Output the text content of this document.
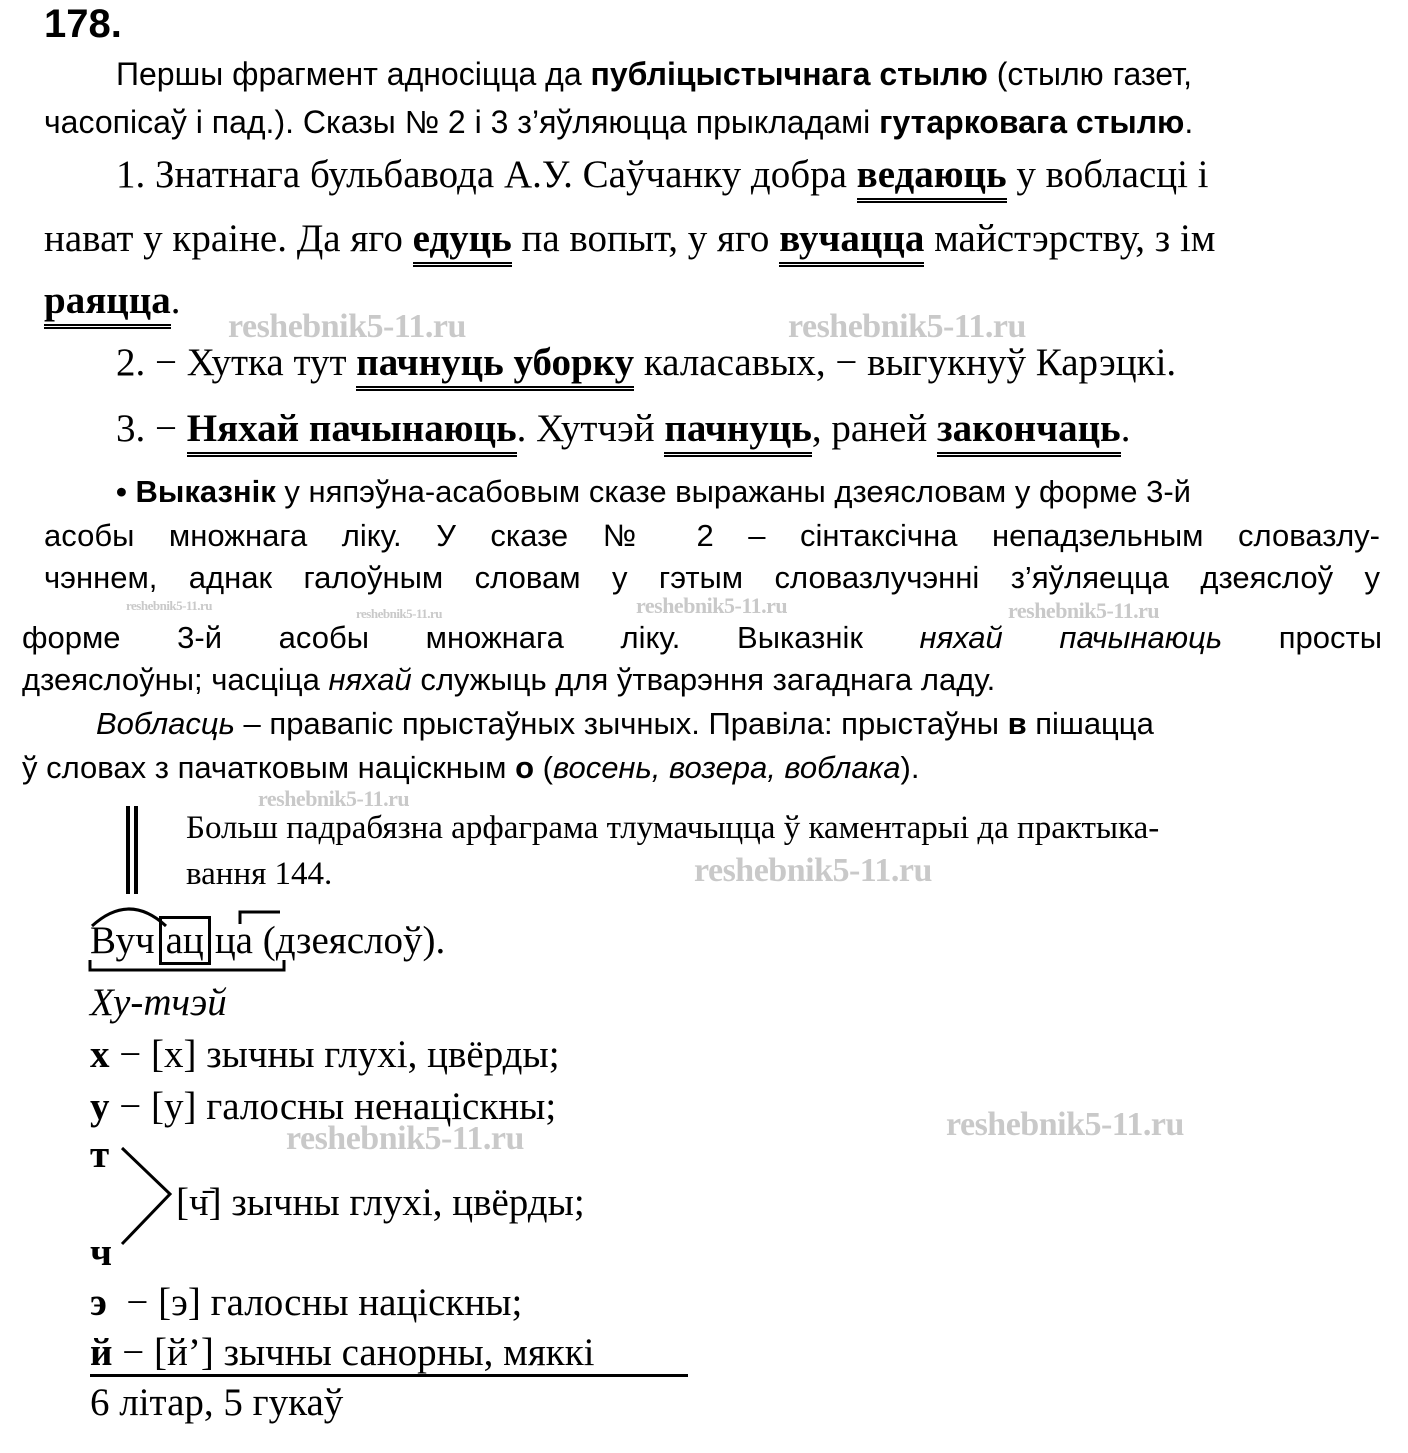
reshebnik5-11.ru	reshebnik5-11.ru
reshebnik5-11.ru
reshebnik5-11.ru	reshebnik5-11.ru	reshebnik5-11.ru
reshebnik5-11.ru
reshebnik5-11.ru
reshebnik5-11.ru	reshebnik5-11.ru
178.
Першы фрагмент адносіцца да публіцыстычнага стылю (стылю газет,
часопісаў і пад.). Сказы № 2 і 3 з’яўляюцца прыкладамі гутарковага стылю.
1. Знатнага бульбавода А.У. Саўчанку добра ведаюць у вобласці і
нават у краіне. Да яго едуць па вопыт, у яго вучацца майстэрству, з ім
раяцца.
2. − Хутка тут пачнуць уборку каласавых, − выгукнуў Карэцкі.
3. − Няхай пачынаюць. Хутчэй пачнуць, раней закончаць.
• Выказнік у няпэўна-асабовым сказе выражаны дзеясловам у форме 3-й
асобы множнага ліку. У сказе № 2 – сінтаксічна непадзельным словазлу-
чэннем, аднак галоўным словам у гэтым словазлучэнні з’яўляецца дзеяслоў у
форме 3-й асобы множнага ліку. Выказнік няхай пачынаюць просты
дзеяслоўны; часціца няхай служыць для ўтварэння загаднага ладу.
Вобласць – правапіс прыстаўных зычных. Правіла: прыстаўны в пішацца
ў словах з пачатковым націскным о (восень, возера, воблака).
Больш падрабязна арфаграма тлумачыцца ў каментарыі да практыка-
вання 144.
Вуч ац ца (дзеяслоў).
Ху-тчэй
х − [х] зычны глухі, цвёрды;
у − [у] галосны ненаціскны;
т
[ч̄] зычны глухі, цвёрды;
ч
э − [э] галосны націскны;
й − [й’] зычны санорны, мяккі
6 літар, 5 гукаў
